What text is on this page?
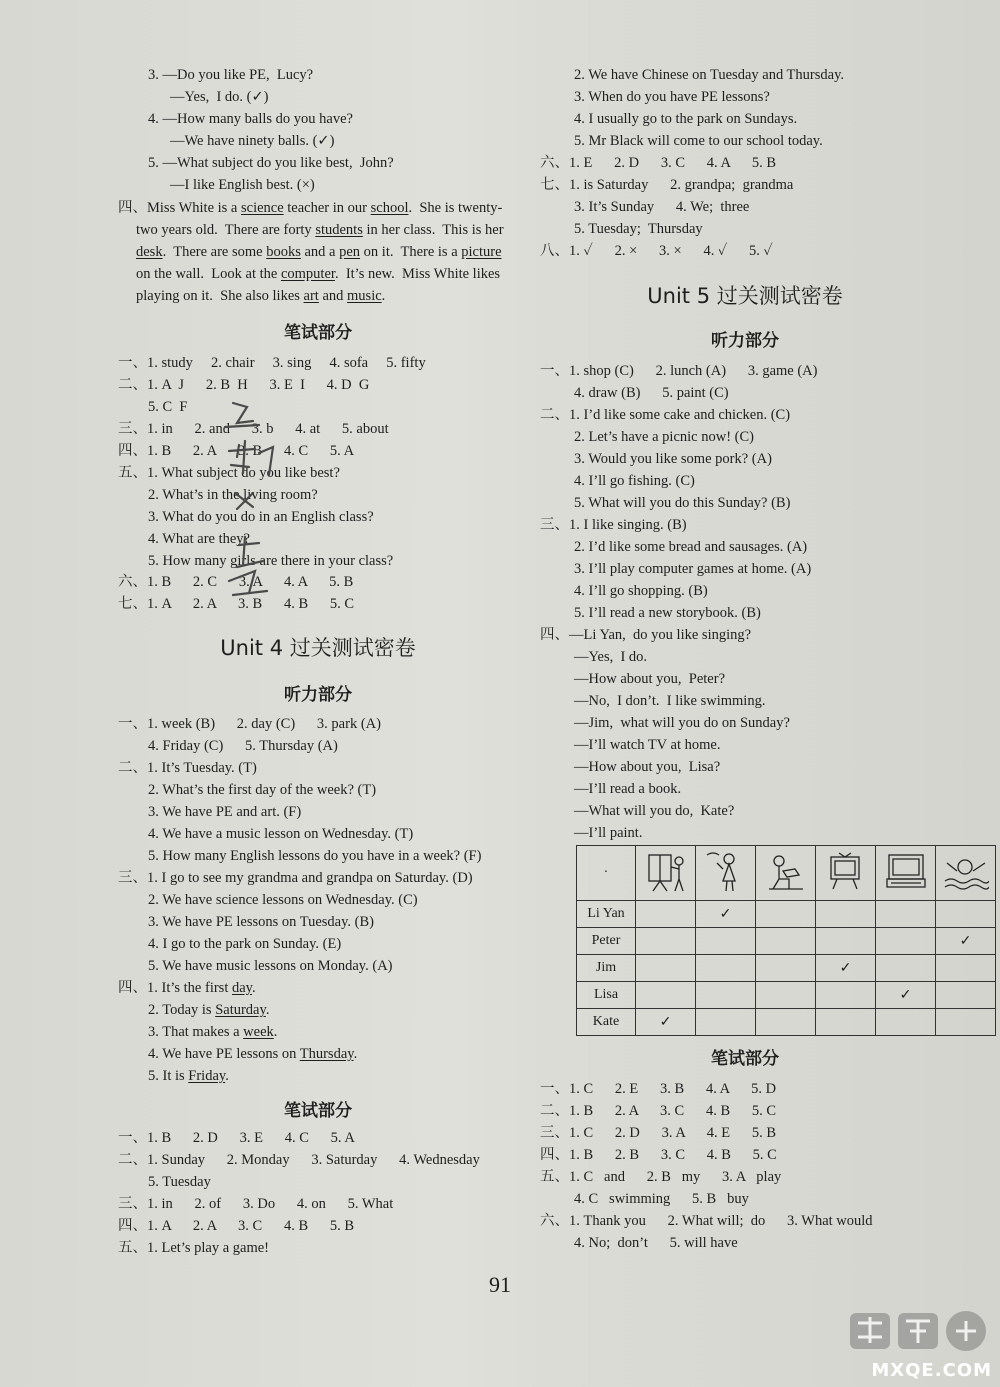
3. —Do you like PE,  Lucy?
—Yes,  I do. (✓)
4. —How many balls do you have?
—We have ninety balls. (✓)
5. —What subject do you like best,  John?
—I like English best. (×)
四、Miss White is a science teacher in our school.  She is twenty-
two years old.  There are forty students in her class.  This is her
desk.  There are some books and a pen on it.  There is a picture
on the wall.  Look at the computer.  It’s new.  Miss White likes
playing on it.  She also likes art and music.
笔试部分
一、1. study     2. chair     3. sing     4. sofa     5. fifty
二、1. A  J      2. B  H      3. E  I      4. D  G
5. C  F
三、1. in      2. and      3. b      4. at      5. about
四、1. B      2. A      3. B      4. C      5. A
五、1. What subject do you like best?
2. What’s in the living room?
3. What do you do in an English class?
4. What are they?
5. How many girls are there in your class?
六、1. B      2. C      3. A      4. A      5. B
七、1. A      2. A      3. B      4. B      5. C
Unit 4 过关测试密卷
听力部分
一、1. week (B)      2. day (C)      3. park (A)
4. Friday (C)      5. Thursday (A)
二、1. It’s Tuesday. (T)
2. What’s the first day of the week? (T)
3. We have PE and art. (F)
4. We have a music lesson on Wednesday. (T)
5. How many English lessons do you have in a week? (F)
三、1. I go to see my grandma and grandpa on Saturday. (D)
2. We have science lessons on Wednesday. (C)
3. We have PE lessons on Tuesday. (B)
4. I go to the park on Sunday. (E)
5. We have music lessons on Monday. (A)
四、1. It’s the first day.
2. Today is Saturday.
3. That makes a week.
4. We have PE lessons on Thursday.
5. It is Friday.
笔试部分
一、1. B      2. D      3. E      4. C      5. A
二、1. Sunday      2. Monday      3. Saturday      4. Wednesday
5. Tuesday
三、1. in      2. of      3. Do      4. on      5. What
四、1. A      2. A      3. C      4. B      5. B
五、1. Let’s play a game!
2. We have Chinese on Tuesday and Thursday.
3. When do you have PE lessons?
4. I usually go to the park on Sundays.
5. Mr Black will come to our school today.
六、1. E      2. D      3. C      4. A      5. B
七、1. is Saturday      2. grandpa;  grandma
3. It’s Sunday      4. We;  three
5. Tuesday;  Thursday
八、1. ✓      2. ×      3. ×      4. ✓      5. ✓
Unit 5 过关测试密卷
听力部分
一、1. shop (C)      2. lunch (A)      3. game (A)
4. draw (B)      5. paint (C)
二、1. I’d like some cake and chicken. (C)
2. Let’s have a picnic now! (C)
3. Would you like some pork? (A)
4. I’ll go fishing. (C)
5. What will you do this Sunday? (B)
三、1. I like singing. (B)
2. I’d like some bread and sausages. (A)
3. I’ll play computer games at home. (A)
4. I’ll go shopping. (B)
5. I’ll read a new storybook. (B)
四、—Li Yan,  do you like singing?
—Yes,  I do.
—How about you,  Peter?
—No,  I don’t.  I like swimming.
—Jim,  what will you do on Sunday?
—I’ll watch TV at home.
—How about you,  Lisa?
—I’ll read a book.
—What will you do,  Kate?
—I’ll paint.
笔试部分
一、1. C      2. E      3. B      4. A      5. D
二、1. B      2. A      3. C      4. B      5. C
三、1. C      2. D      3. A      4. E      5. B
四、1. B      2. B      3. C      4. B      5. C
五、1. C   and      2. B   my      3. A   play
4. C   swimming      5. B   buy
六、1. Thank you      2. What will;  do      3. What would
4. No;  don’t      5. will have
·						
Li Yan		✓				
Peter						✓
Jim				✓		
Lisa					✓	
Kate	✓					
91
MXQE.COM
